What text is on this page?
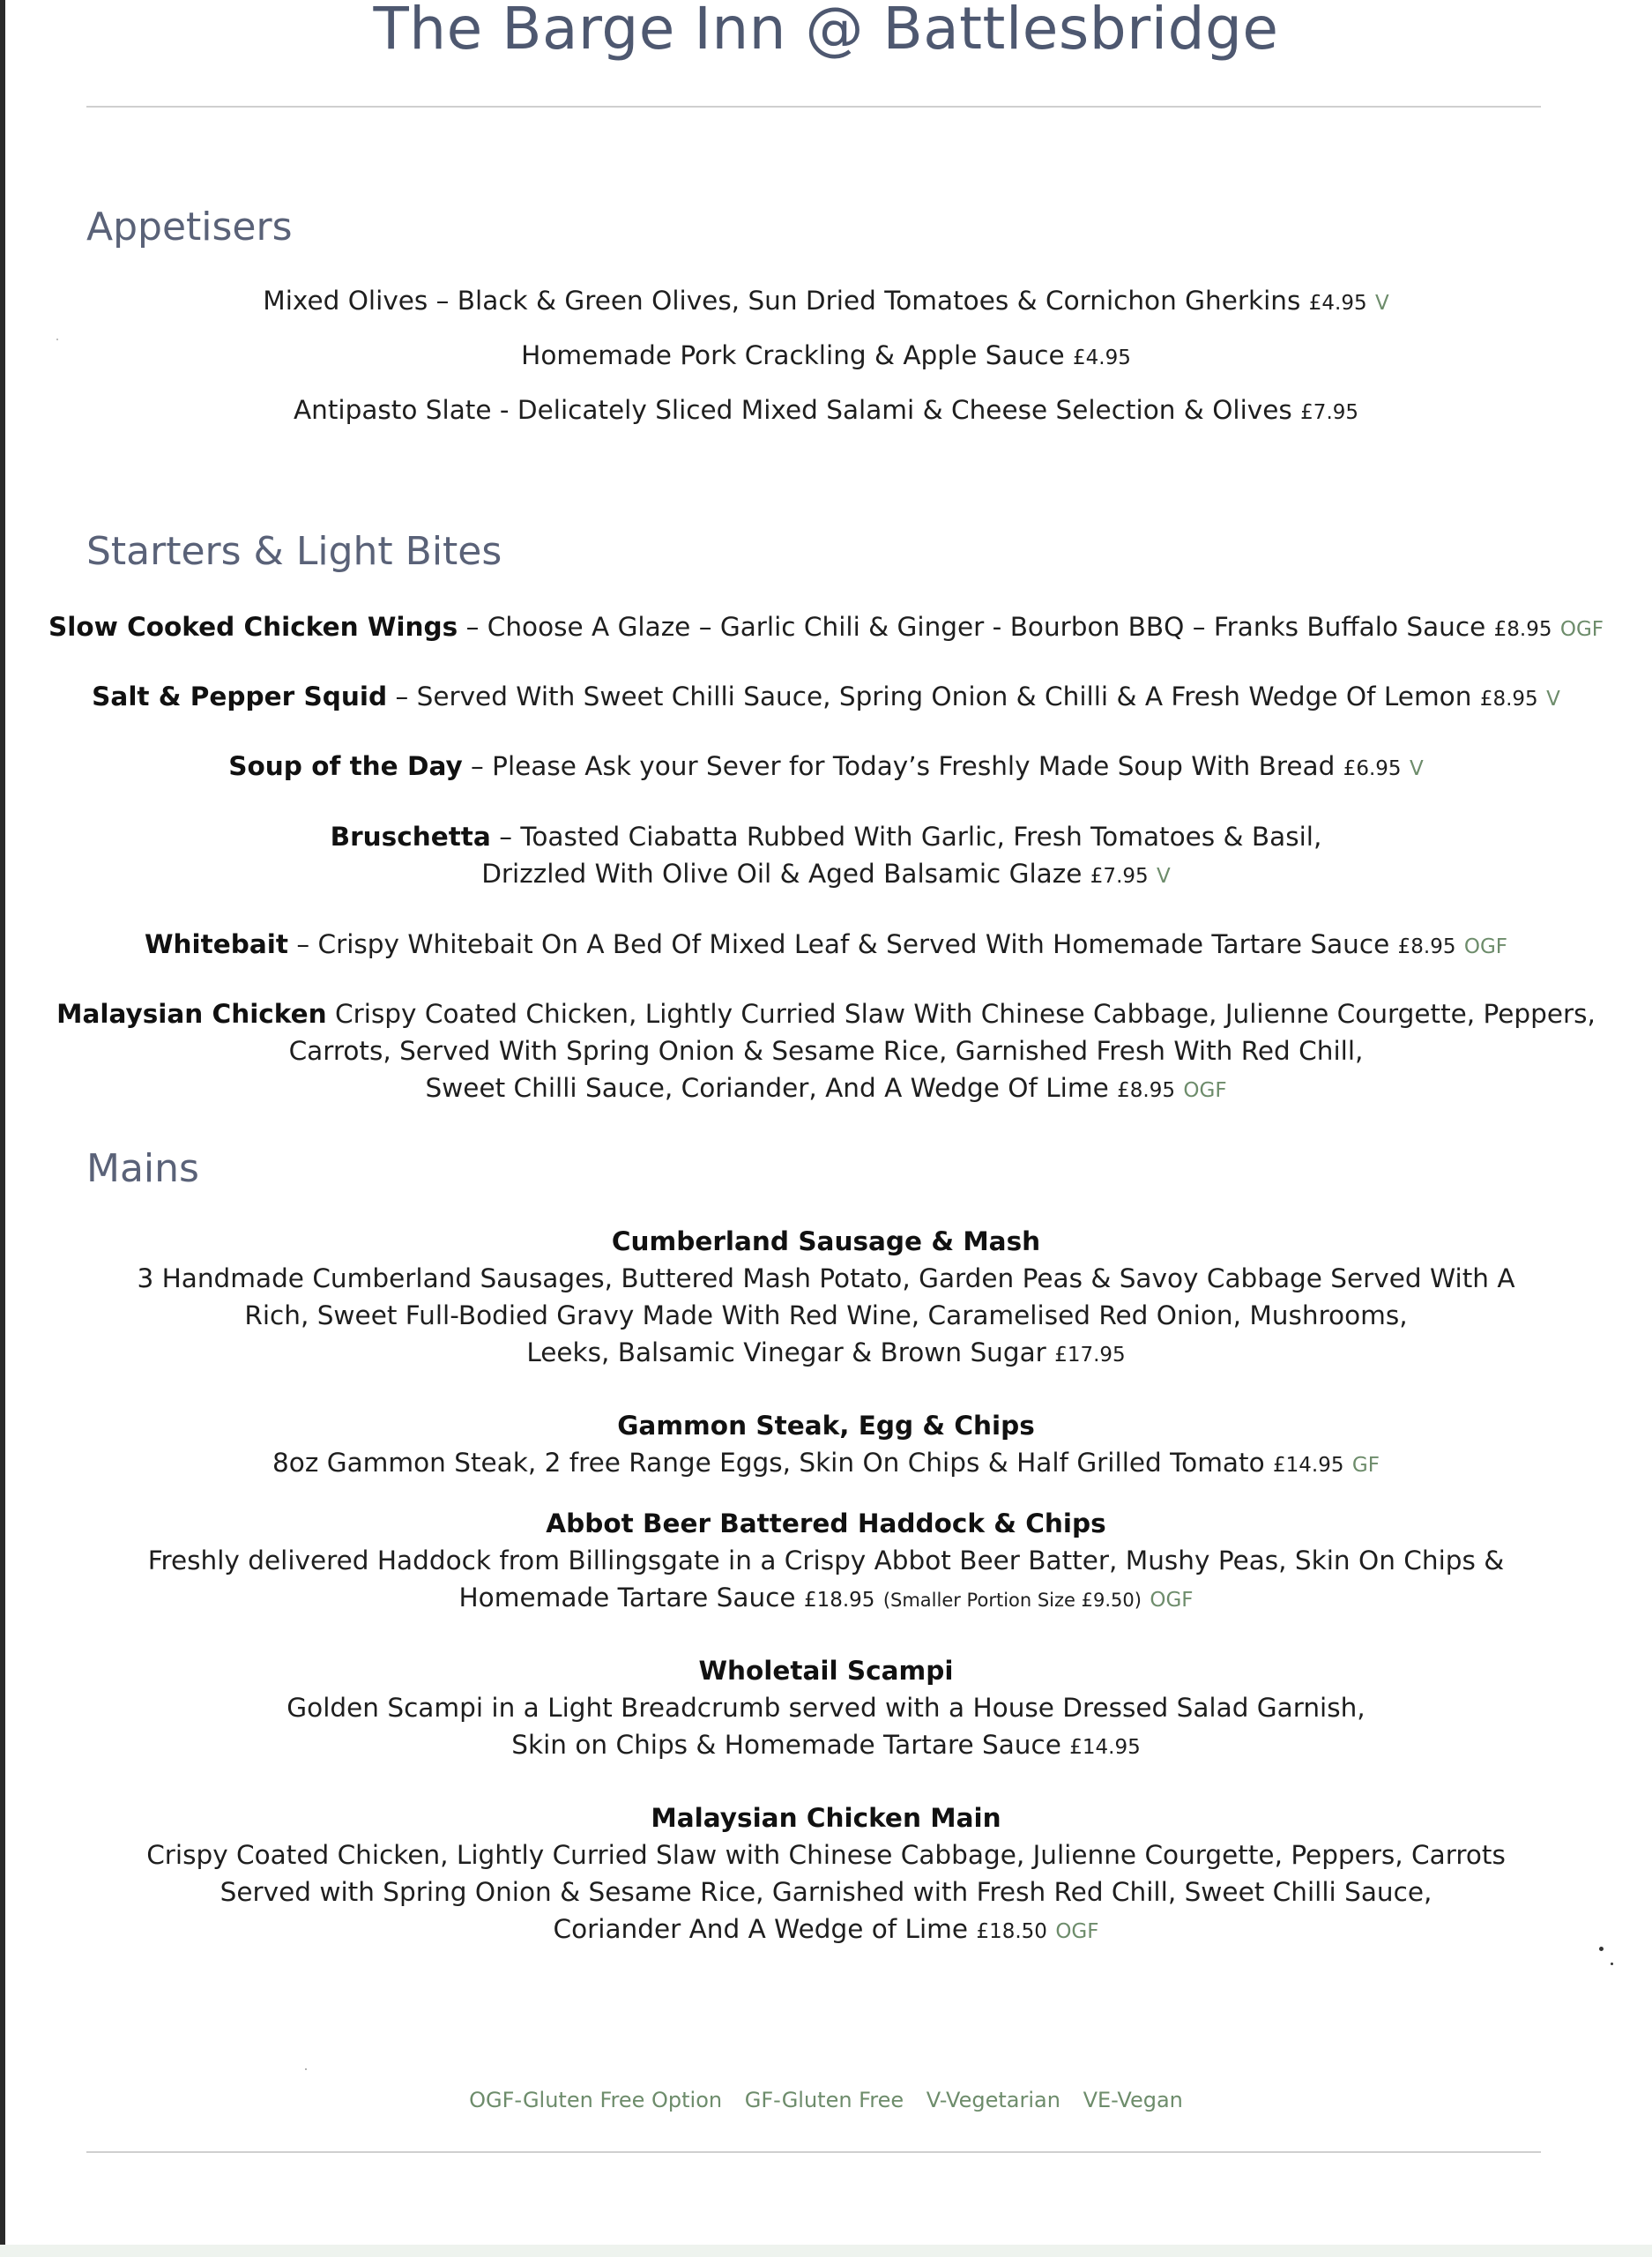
The Barge Inn @ Battlesbridge
Appetisers
Mixed Olives – Black & Green Olives, Sun Dried Tomatoes & Cornichon Gherkins £4.95 V
Homemade Pork Crackling & Apple Sauce £4.95
Antipasto Slate - Delicately Sliced Mixed Salami & Cheese Selection & Olives £7.95
Starters & Light Bites
Slow Cooked Chicken Wings – Choose A Glaze – Garlic Chili & Ginger - Bourbon BBQ – Franks Buffalo Sauce £8.95 OGF
Salt & Pepper Squid – Served With Sweet Chilli Sauce, Spring Onion & Chilli & A Fresh Wedge Of Lemon £8.95 V
Soup of the Day – Please Ask your Sever for Today’s Freshly Made Soup With Bread £6.95 V
Bruschetta – Toasted Ciabatta Rubbed With Garlic, Fresh Tomatoes & Basil,
Drizzled With Olive Oil & Aged Balsamic Glaze £7.95 V
Whitebait – Crispy Whitebait On A Bed Of Mixed Leaf & Served With Homemade Tartare Sauce £8.95 OGF
Malaysian Chicken Crispy Coated Chicken, Lightly Curried Slaw With Chinese Cabbage, Julienne Courgette, Peppers,
Carrots, Served With Spring Onion & Sesame Rice, Garnished Fresh With Red Chill,
Sweet Chilli Sauce, Coriander, And A Wedge Of Lime £8.95 OGF
Mains
Cumberland Sausage & Mash
3 Handmade Cumberland Sausages, Buttered Mash Potato, Garden Peas & Savoy Cabbage Served With A
Rich, Sweet Full-Bodied Gravy Made With Red Wine, Caramelised Red Onion, Mushrooms,
Leeks, Balsamic Vinegar & Brown Sugar £17.95
Gammon Steak, Egg & Chips
8oz Gammon Steak, 2 free Range Eggs, Skin On Chips & Half Grilled Tomato £14.95 GF
Abbot Beer Battered Haddock & Chips
Freshly delivered Haddock from Billingsgate in a Crispy Abbot Beer Batter, Mushy Peas, Skin On Chips &
Homemade Tartare Sauce £18.95 (Smaller Portion Size £9.50) OGF
Wholetail Scampi
Golden Scampi in a Light Breadcrumb served with a House Dressed Salad Garnish,
Skin on Chips & Homemade Tartare Sauce £14.95
Malaysian Chicken Main
Crispy Coated Chicken, Lightly Curried Slaw with Chinese Cabbage, Julienne Courgette, Peppers, Carrots
Served with Spring Onion & Sesame Rice, Garnished with Fresh Red Chill, Sweet Chilli Sauce,
Coriander And A Wedge of Lime £18.50 OGF
OGF-Gluten Free Option GF-Gluten Free V-Vegetarian VE-Vegan
